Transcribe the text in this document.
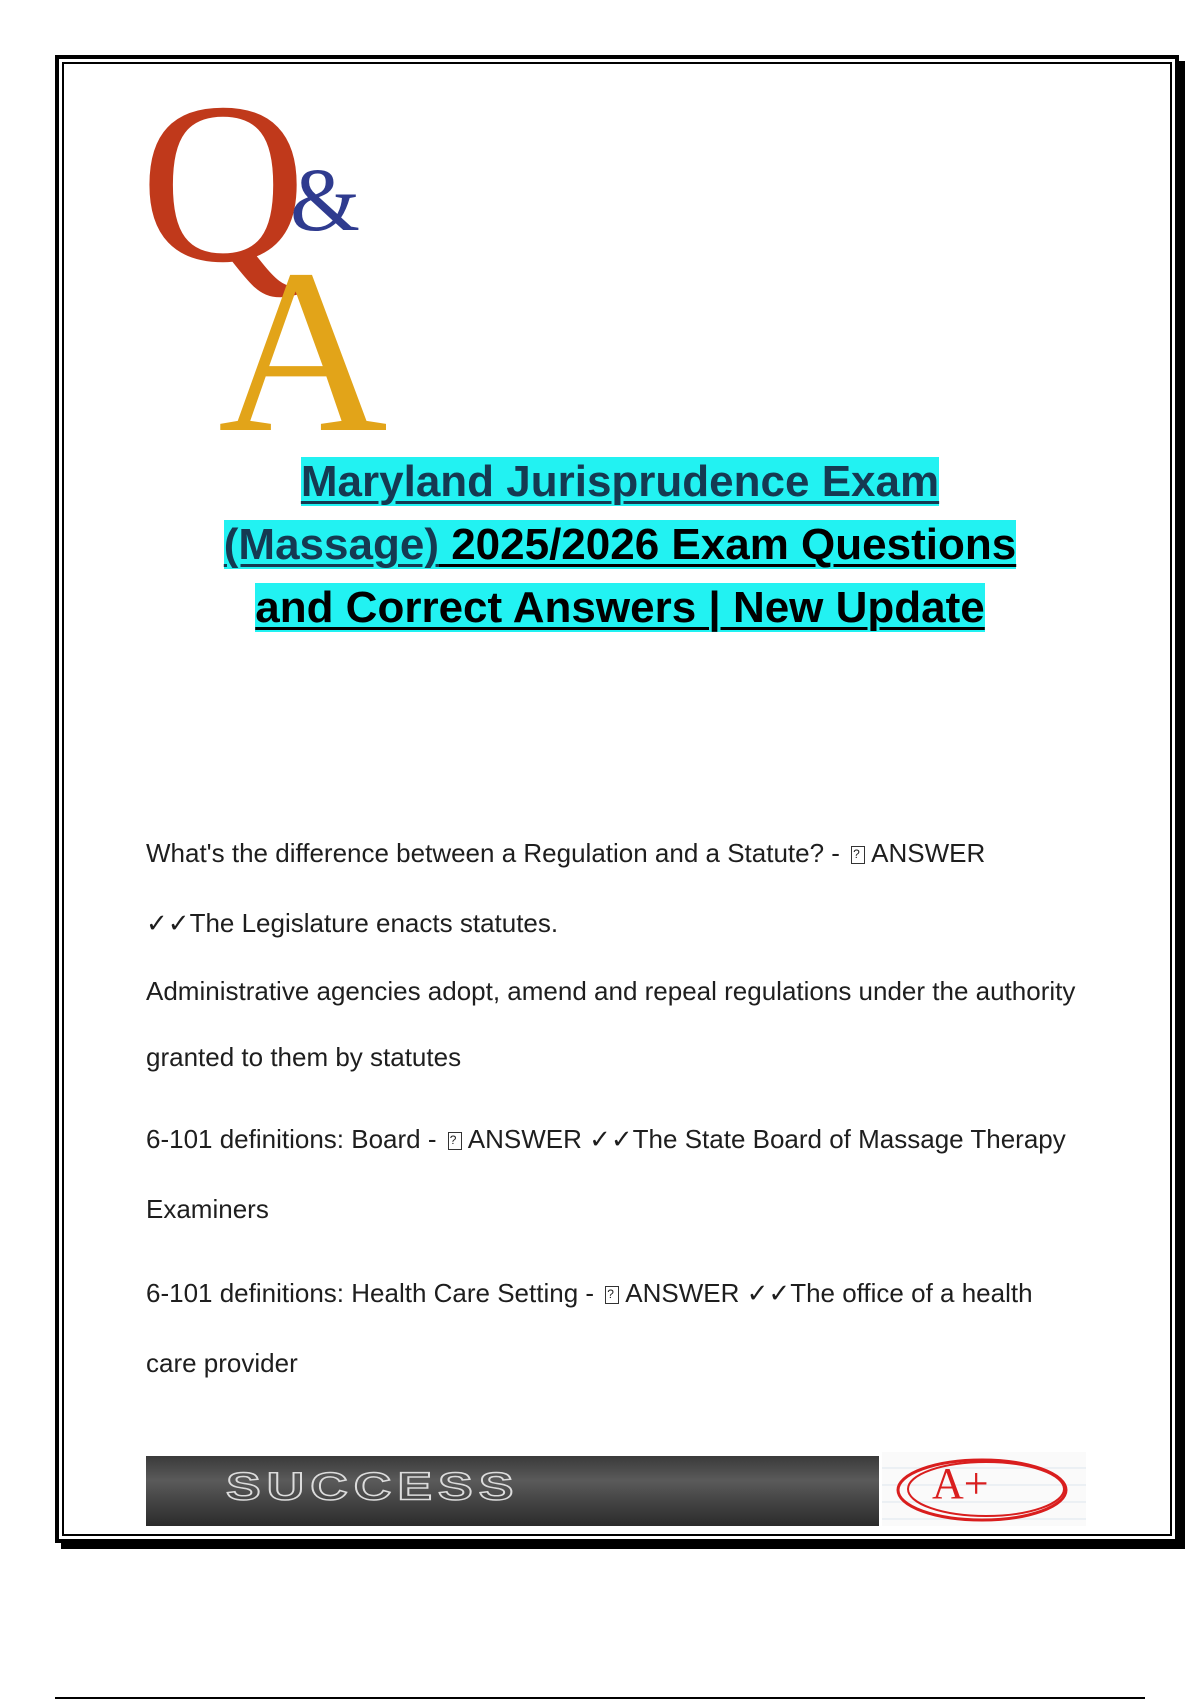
Q
&
A
Maryland Jurisprudence Exam
(Massage) 2025/2026 Exam Questions
and Correct Answers | New Update

What's the difference between a Regulation and a Statute? - ?ANSWER

✓✓The Legislature enacts statutes.

Administrative agencies adopt, amend and repeal regulations under the authority granted to them by statutes

6-101 definitions: Board - ?ANSWER ✓✓The State Board of Massage Therapy Examiners

6-101 definitions: Health Care Setting - ?ANSWER ✓✓The office of a health care provider

SUCCESS	A+
